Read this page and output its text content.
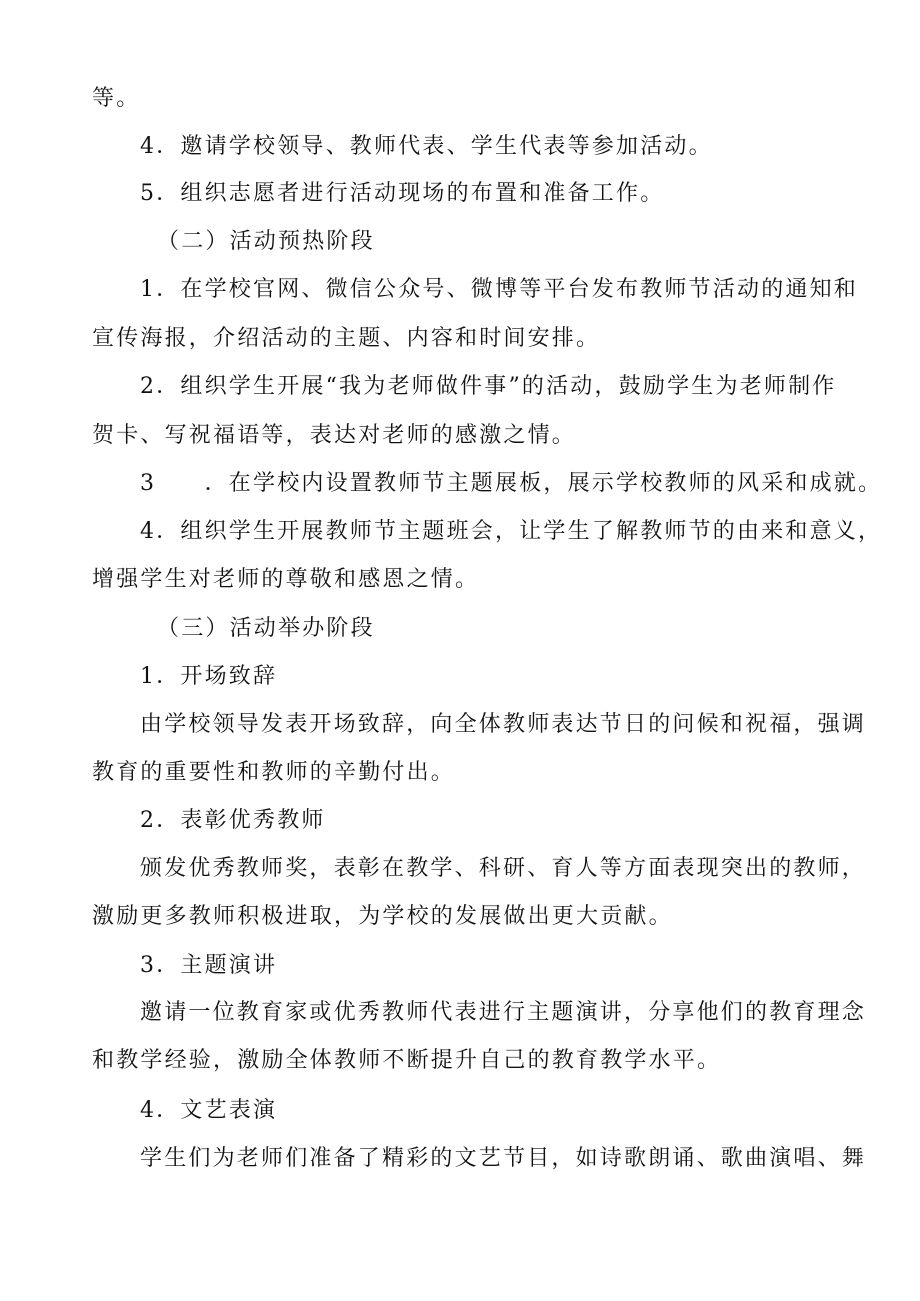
等。
4．邀请学校领导、教师代表、学生代表等参加活动。
5．组织志愿者进行活动现场的布置和准备工作。
（二）活动预热阶段
1．在学校官网、微信公众号、微博等平台发布教师节活动的通知和
宣传海报，介绍活动的主题、内容和时间安排。
2．组织学生开展“我为老师做件事”的活动，鼓励学生为老师制作
贺卡、写祝福语等，表达对老师的感激之情。
3　　．在学校内设置教师节主题展板，展示学校教师的风采和成就。
4．组织学生开展教师节主题班会，让学生了解教师节的由来和意义，
增强学生对老师的尊敬和感恩之情。
（三）活动举办阶段
1．开场致辞
由学校领导发表开场致辞，向全体教师表达节日的问候和祝福，强调
教育的重要性和教师的辛勤付出。
2．表彰优秀教师
颁发优秀教师奖，表彰在教学、科研、育人等方面表现突出的教师，
激励更多教师积极进取，为学校的发展做出更大贡献。
3．主题演讲
邀请一位教育家或优秀教师代表进行主题演讲，分享他们的教育理念
和教学经验，激励全体教师不断提升自己的教育教学水平。
4．文艺表演
学生们为老师们准备了精彩的文艺节目，如诗歌朗诵、歌曲演唱、舞
